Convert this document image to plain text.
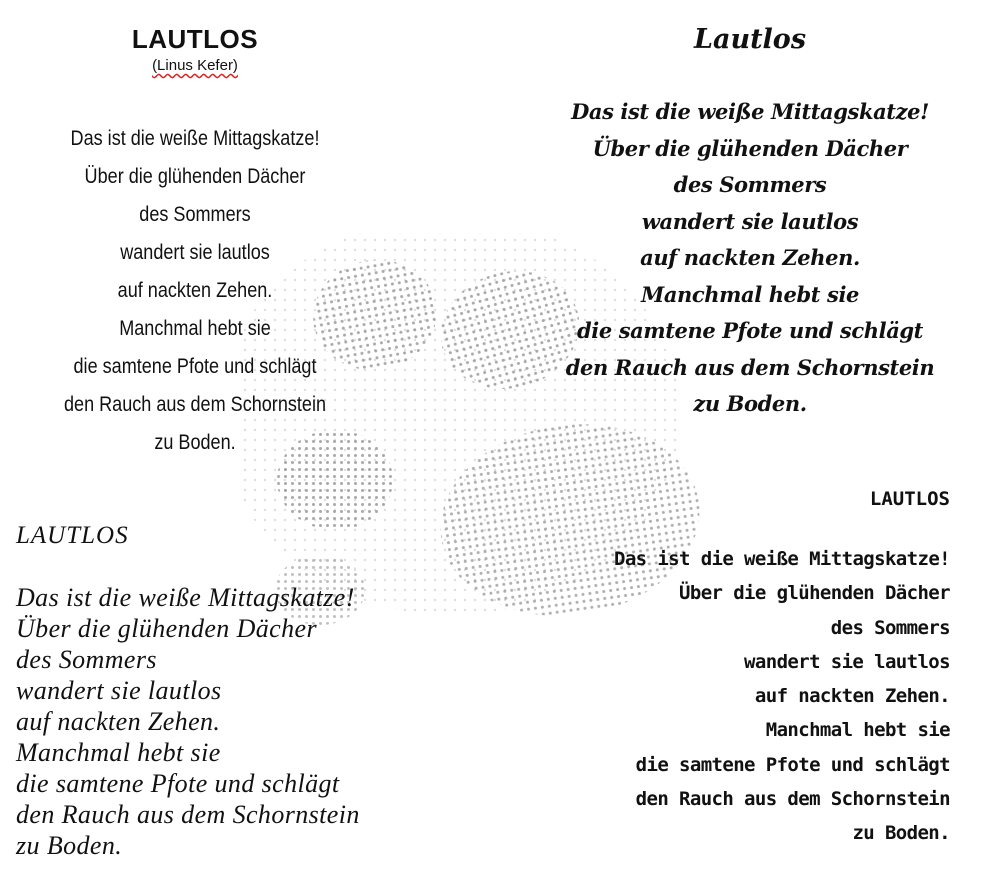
LAUTLOS
(Linus Kefer)
Das ist die weiße Mittagskatze!
Über die glühenden Dächer
des Sommers
wandert sie lautlos
auf nackten Zehen.
Manchmal hebt sie
die samtene Pfote und schlägt
den Rauch aus dem Schornstein
zu Boden.
Lautlos
Das ist die weiße Mittagskatze!
Über die glühenden Dächer
des Sommers
wandert sie lautlos
auf nackten Zehen.
Manchmal hebt sie
die samtene Pfote und schlägt
den Rauch aus dem Schornstein
zu Boden.
LAUTLOS
Das ist die weiße Mittagskatze!
Über die glühenden Dächer
des Sommers
wandert sie lautlos
auf nackten Zehen.
Manchmal hebt sie
die samtene Pfote und schlägt
den Rauch aus dem Schornstein
zu Boden.
LAUTLOS
Das ist die weiße Mittagskatze!
Über die glühenden Dächer
des Sommers
wandert sie lautlos
auf nackten Zehen.
Manchmal hebt sie
die samtene Pfote und schlägt
den Rauch aus dem Schornstein
zu Boden.
